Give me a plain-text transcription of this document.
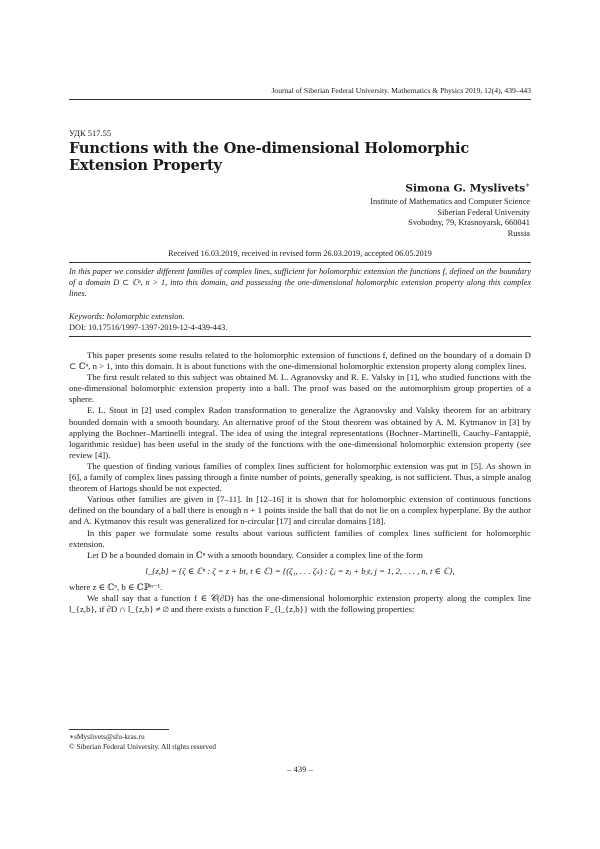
Journal of Siberian Federal University. Mathematics & Physics 2019, 12(4), 439–443
УДК 517.55
Functions with the One-dimensional Holomorphic Extension Property
Simona G. Myslivets∗
Institute of Mathematics and Computer Science
Siberian Federal University
Svobodny, 79, Krasnoyarsk, 660041
Russia
Received 16.03.2019, received in revised form 26.03.2019, accepted 06.05.2019
In this paper we consider different families of complex lines, sufficient for holomorphic extension the functions f, defined on the boundary of a domain D ⊂ ℂⁿ, n > 1, into this domain, and possessing the one-dimensional holomorphic extension property along this complex lines.
Keywords: holomorphic extension.
DOI: 10.17516/1997-1397-2019-12-4-439-443.

This paper presents some results related to the holomorphic extension of functions f, defined on the boundary of a domain D ⊂ ℂⁿ, n > 1, into this domain. It is about functions with the one-dimensional holomorphic extension property along complex lines.

The first result related to this subject was obtained M. L. Agranovsky and R. E. Valsky in [1], who studied functions with the one-dimensional holomorphic extension property into a ball. The proof was based on the automorphism group properties of a sphere.

E. L. Stout in [2] used complex Radon transformation to generalize the Agranovsky and Valsky theorem for an arbitrary bounded domain with a smooth boundary. An alternative proof of the Stout theorem was obtained by A. M. Kytmanov in [3] by applying the Bochner–Martinelli integral. The idea of using the integral representations (Bochner–Martinelli, Cauchy–Fantappiè, logarithmic residue) has been useful in the study of the functions with the one-dimensional holomorphic extension property (see review [4]).

The question of finding various families of complex lines sufficient for holomorphic extension was put in [5]. As shown in [6], a family of complex lines passing through a finite number of points, generally speaking, is not sufficient. Thus, a simple analog theorem of Hartogs should be not expected.

Various other families are given in [7–11]. In [12–16] it is shown that for holomorphic extension of continuous functions defined on the boundary of a ball there is enough n + 1 points inside the ball that do not lie on a complex hyperplane. By the author and A. Kytmanov this result was generalized for n-circular [17] and circular domains [18].

In this paper we formulate some results about various sufficient families of complex lines sufficient for holomorphic extension.

Let D be a bounded domain in ℂⁿ with a smooth boundary. Consider a complex line of the form

l_{z,b} = {ζ ∈ ℂⁿ : ζ = z + bt, t ∈ ℂ} = {(ζ₁, . . . ζₙ) : ζⱼ = zⱼ + bⱼt, j = 1, 2, . . . , n, t ∈ ℂ},

where z ∈ ℂⁿ, b ∈ ℂℙⁿ⁻¹.

We shall say that a function f ∈ 𝒞(∂D) has the one-dimensional holomorphic extension property along the complex line l_{z,b}, if ∂D ∩ l_{z,b} ≠ ∅ and there exists a function F_{l_{z,b}} with the following properties:

∗sMyslivets@sfu-kras.ru
© Siberian Federal University. All rights reserved
– 439 –
